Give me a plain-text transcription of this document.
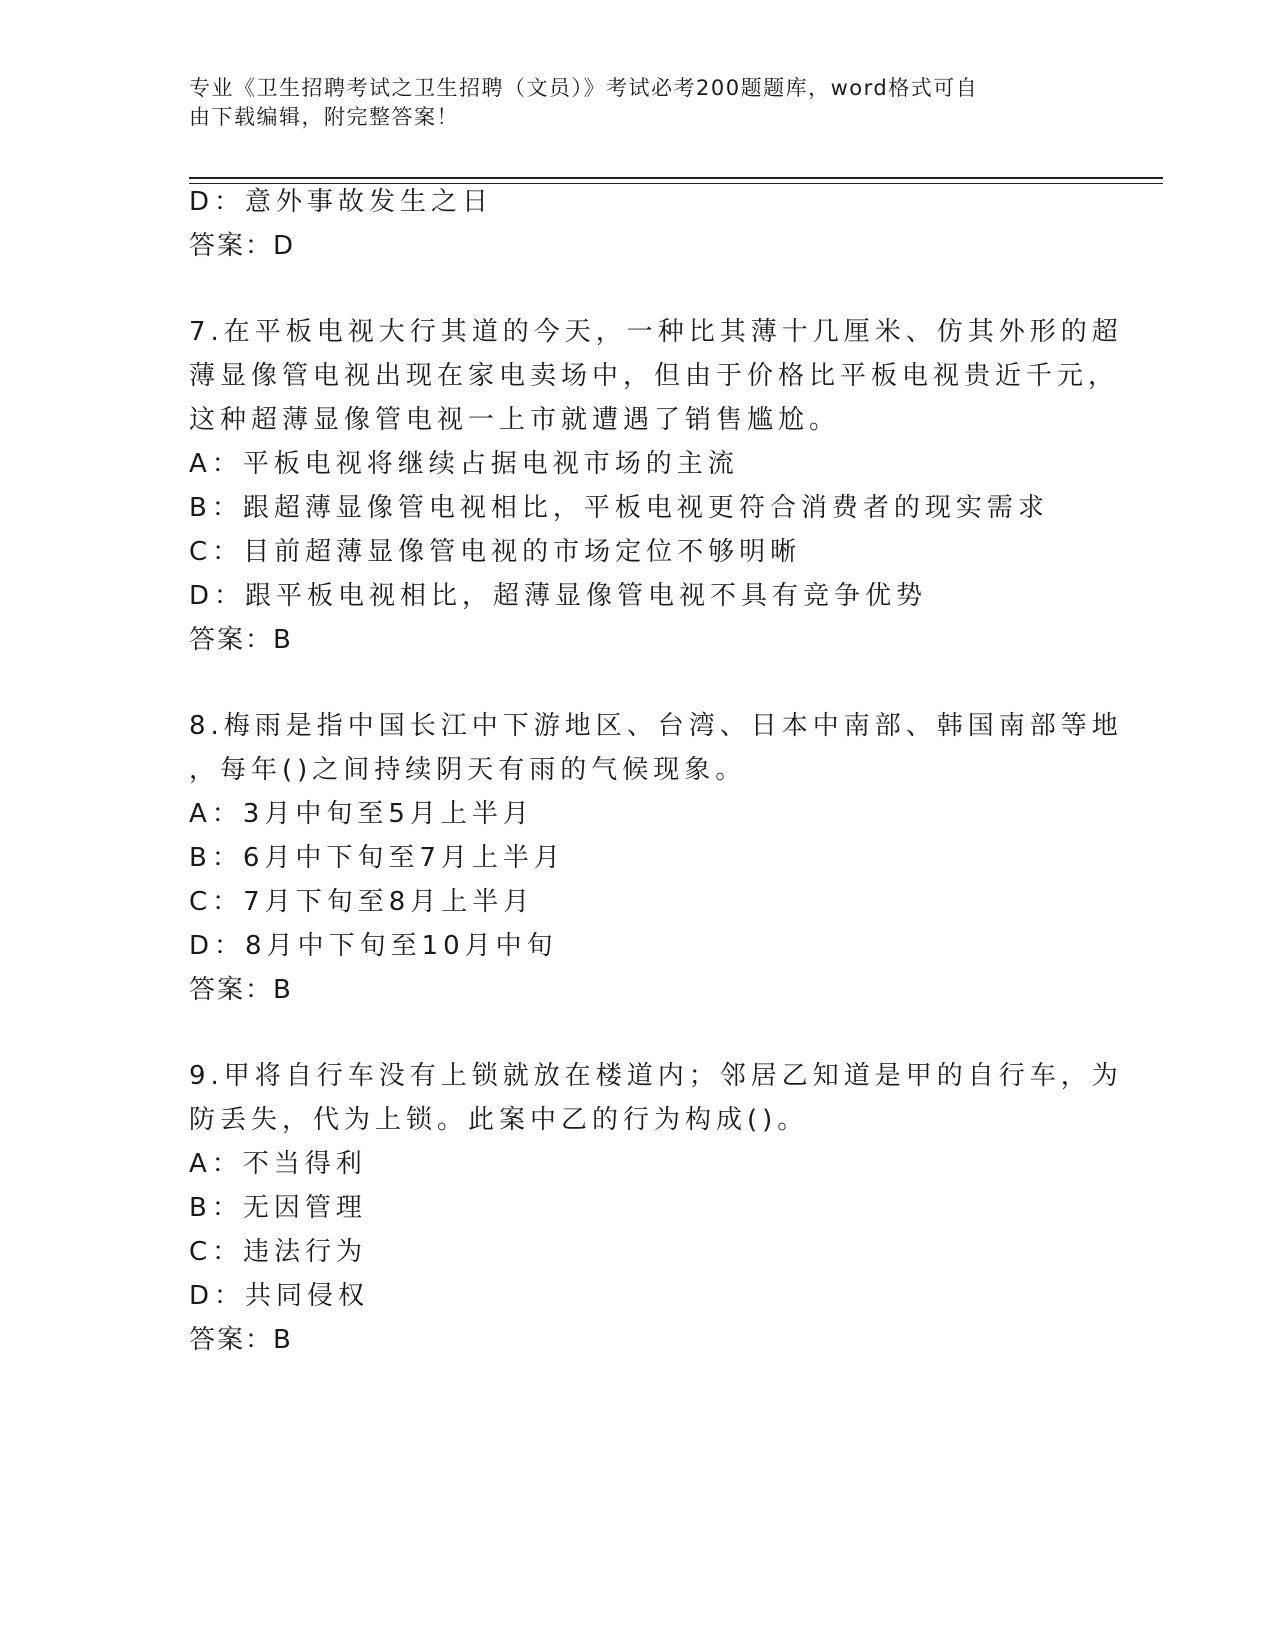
专业《卫生招聘考试之卫生招聘（文员）》考试必考200题题库，word格式可自
由下载编辑，附完整答案！
D：意外事故发生之日
答案：D
7.在平板电视大行其道的今天，一种比其薄十几厘米、仿其外形的超
薄显像管电视出现在家电卖场中，但由于价格比平板电视贵近千元，
这种超薄显像管电视一上市就遭遇了销售尴尬。
A：平板电视将继续占据电视市场的主流
B：跟超薄显像管电视相比，平板电视更符合消费者的现实需求
C：目前超薄显像管电视的市场定位不够明晰
D：跟平板电视相比，超薄显像管电视不具有竞争优势
答案：B
8.梅雨是指中国长江中下游地区、台湾、日本中南部、韩国南部等地
，每年()之间持续阴天有雨的气候现象。
A：3月中旬至5月上半月
B：6月中下旬至7月上半月
C：7月下旬至8月上半月
D：8月中下旬至10月中旬
答案：B
9.甲将自行车没有上锁就放在楼道内；邻居乙知道是甲的自行车，为
防丢失，代为上锁。此案中乙的行为构成()。
A：不当得利
B：无因管理
C：违法行为
D：共同侵权
答案：B
